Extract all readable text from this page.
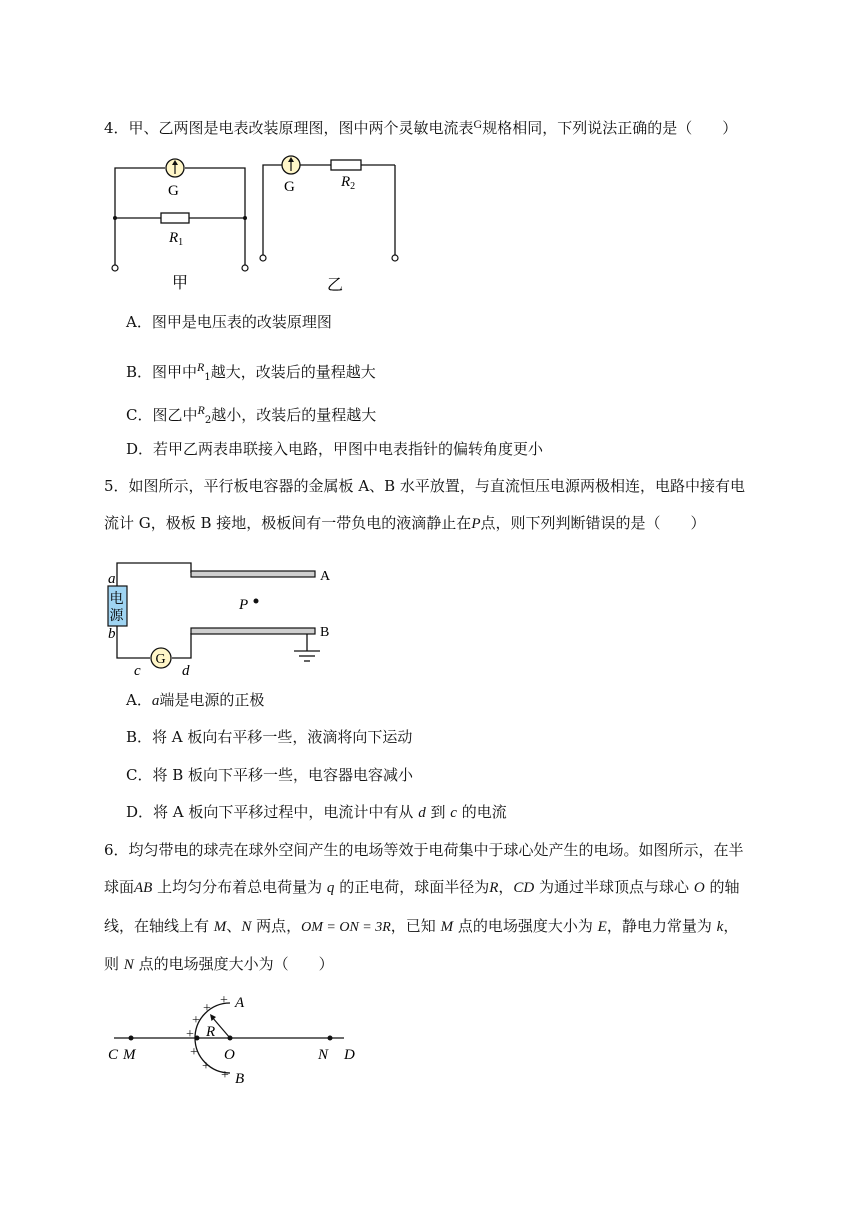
4．甲、乙两图是电表改装原理图，图中两个灵敏电流表$^G$规格相同，下列说法正确的是（　　）
G
$R_1$
甲
G	$R_2$
乙
A．图甲是电压表的改装原理图
B．图甲中$^R_1$越大，改装后的量程越大
C．图乙中$^R_2$越小，改装后的量程越大
D．若甲乙两表串联接入电路，甲图中电表指针的偏转角度更小
5．如图所示，平行板电容器的金属板 A、B 水平放置，与直流恒压电源两极相连，电路中接有电
流计 G，极板 B 接地，极板间有一带负电的液滴静止在P点，则下列判断错误的是（　　）
电
源
G
P
A
B
a
b
c	d
A．a端是电源的正极
B．将 A 板向右平移一些，液滴将向下运动
C．将 B 板向下平移一些，电容器电容减小
D．将 A 板向下平移过程中，电流计中有从 d 到 c 的电流
6．均匀带电的球壳在球外空间产生的电场等效于电荷集中于球心处产生的电场。如图所示，在半
球面AB 上均匀分布着总电荷量为 q 的正电荷，球面半径为R，CD 为通过半球顶点与球心 O 的轴
线，在轴线上有 M、N 两点，OM = ON = 3R，已知 M 点的电场强度大小为 E，静电力常量为 k，
则 N 点的电场强度大小为（　　）
C M	O	N D
A
B
R
+
+
+
+
+
+
+
